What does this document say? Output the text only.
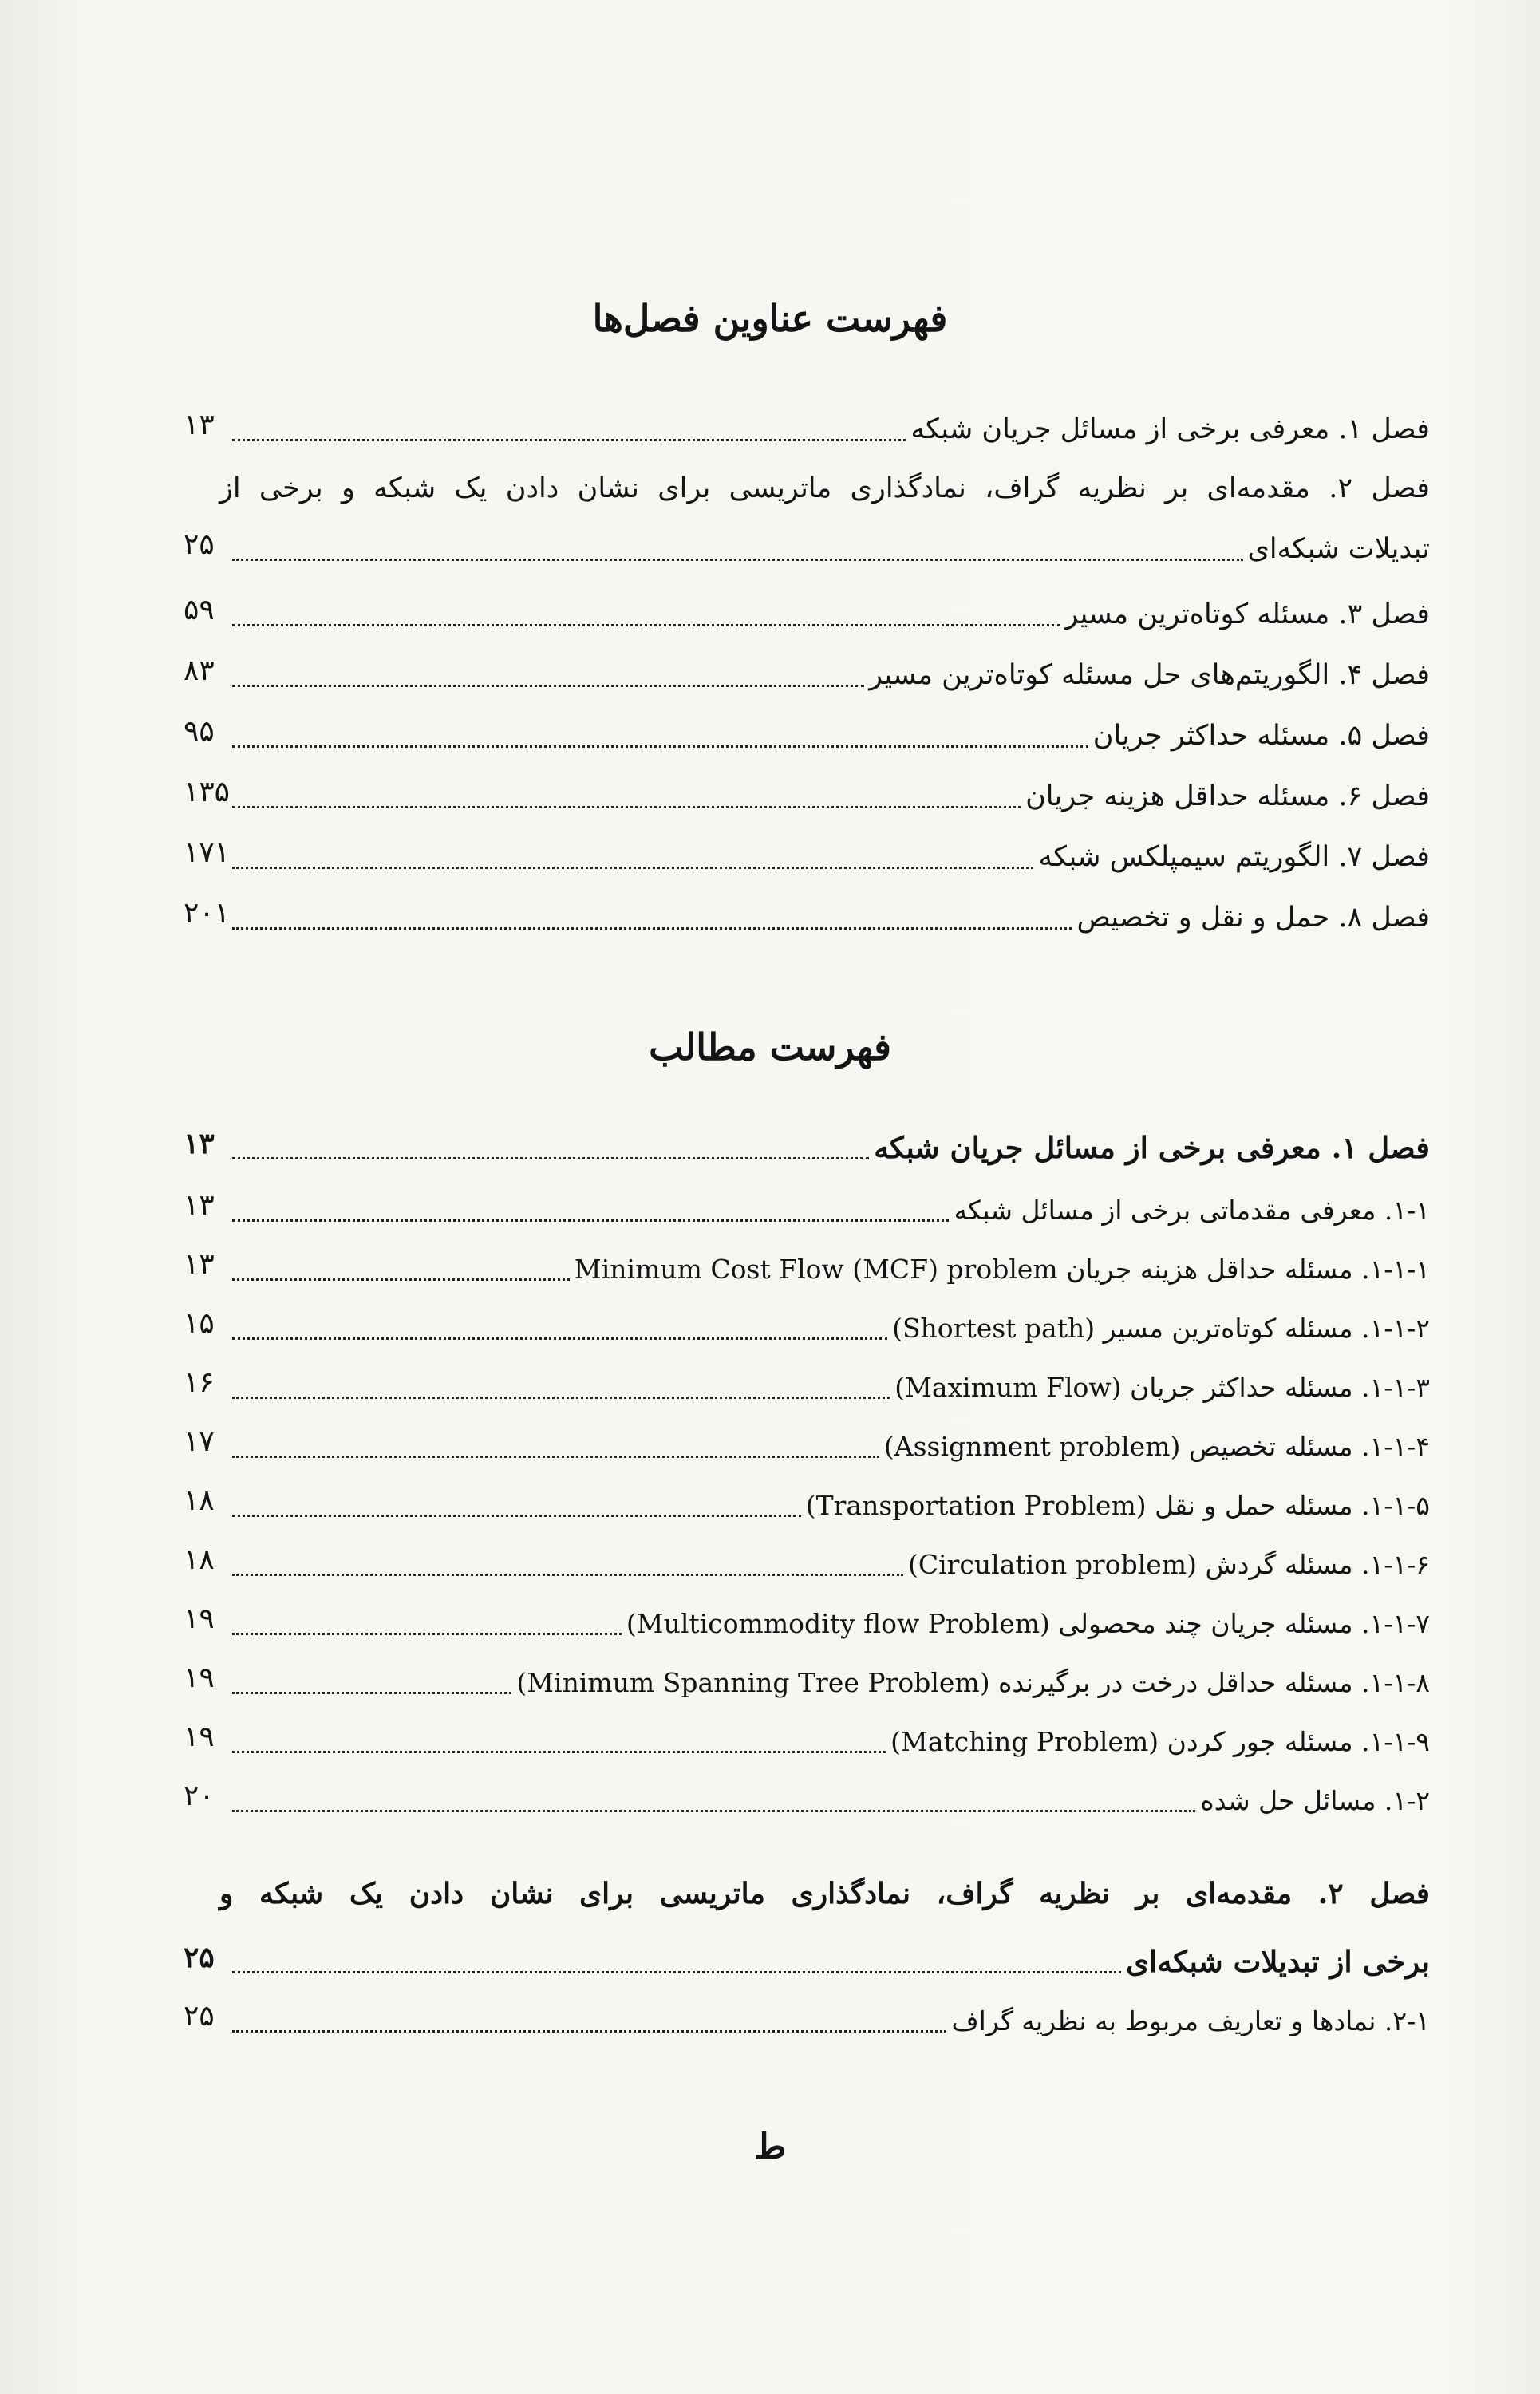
فهرست عناوین فصل‌ها
فصل ۱. معرفی برخی از مسائل جریان شبکه
۱۳
فصل ۲. مقدمه‌ای بر نظریه گراف، نمادگذاری ماتریسی برای نشان دادن یک شبکه و برخی از
تبدیلات شبکه‌ای
۲۵
فصل ۳. مسئله کوتاه‌ترین مسیر
۵۹
فصل ۴. الگوریتم‌های حل مسئله کوتاه‌ترین مسیر
۸۳
فصل ۵. مسئله حداکثر جریان
۹۵
فصل ۶. مسئله حداقل هزینه جریان
۱۳۵
فصل ۷. الگوریتم سیمپلکس شبکه
۱۷۱
فصل ۸. حمل و نقل و تخصیص
۲۰۱
فهرست مطالب
فصل ۱. معرفی برخی از مسائل جریان شبکه
۱۳
۱-۱. معرفی مقدماتی برخی از مسائل شبکه
۱۳
۱-۱-۱. مسئله حداقل هزینه جریان Minimum Cost Flow (MCF) problem
۱۳
۱-۱-۲. مسئله کوتاه‌ترین مسیر (Shortest path)
۱۵
۱-۱-۳. مسئله حداکثر جریان (Maximum Flow)
۱۶
۱-۱-۴. مسئله تخصیص (Assignment problem)
۱۷
۱-۱-۵. مسئله حمل و نقل (Transportation Problem)
۱۸
۱-۱-۶. مسئله گردش (Circulation problem)
۱۸
۱-۱-۷. مسئله جریان چند محصولی (Multicommodity flow Problem)
۱۹
۱-۱-۸. مسئله حداقل درخت در برگیرنده (Minimum Spanning Tree Problem)
۱۹
۱-۱-۹. مسئله جور کردن (Matching Problem)
۱۹
۱-۲. مسائل حل شده
۲۰
فصل ۲. مقدمه‌ای بر نظریه گراف، نمادگذاری ماتریسی برای نشان دادن یک شبکه و
برخی از تبدیلات شبکه‌ای
۲۵
۲-۱. نمادها و تعاریف مربوط به نظریه گراف
۲۵
ط
